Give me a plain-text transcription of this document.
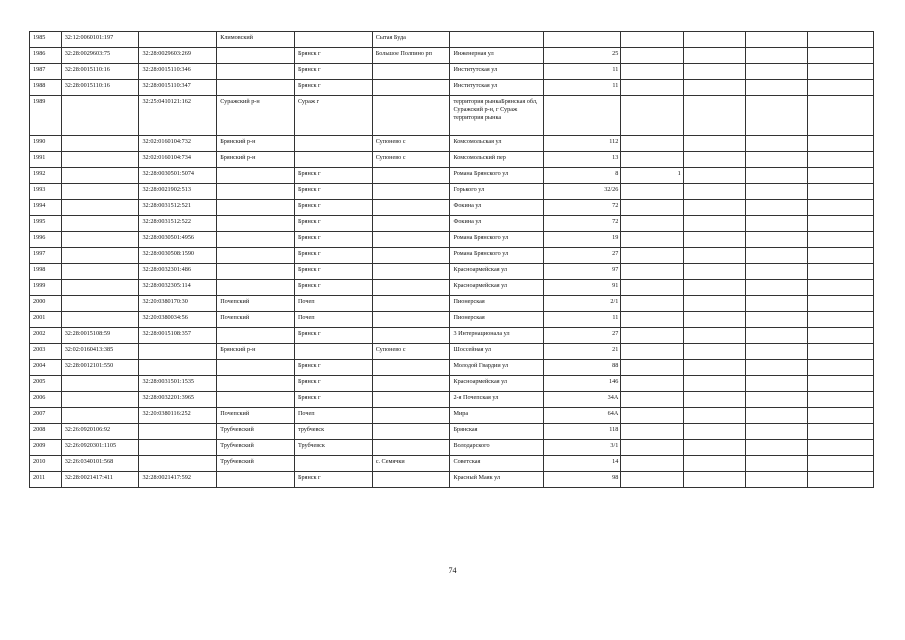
1985	32:12:0060101:197		Климовский		Сытая Буда						
1986	32:28:0029603:75	32:28:0029603:269		Брянск г	Большое Полпино рп	Инженерная ул	25				
1987	32:28:0015110:16	32:28:0015110:346		Брянск г		Институтская ул	11				
1988	32:28:0015110:16	32:28:0015110:347		Брянск г		Институтская ул	11				
1989		32:25:0410121:162	Суражский р-н	Сураж г		территория рынкаБрянская обл, Суражский р-н, г Сураж территория рынка					
1990		32:02:0160104:732	Брянский р-н		Супонево с	Комсомольская ул	112				
1991		32:02:0160104:734	Брянский р-н		Супонево с	Комсомольский пер	13				
1992		32:28:0030501:5074		Брянск г		Романа Брянского ул	8	1			
1993		32:28:0021902:513		Брянск г		Горького ул	32/26				
1994		32:28:0031512:521		Брянск г		Фокина ул	72				
1995		32:28:0031512:522		Брянск г		Фокина ул	72				
1996		32:28:0030501:4956		Брянск г		Романа Брянского ул	19				
1997		32:28:0030508:1590		Брянск г		Романа Брянского ул	27				
1998		32:28:0032301:486		Брянск г		Красноармейская ул	97				
1999		32:28:0032305:114		Брянск г		Красноармейская ул	91				
2000		32:20:0380170:30	Почепский	Почеп		Пионерская	2/1				
2001		32:20:0380034:56	Почепский	Почеп		Пионерская	11				
2002	32:28:0015108:59	32:28:0015108:357		Брянск г		3 Интернационала ул	27				
2003	32:02:0160413:385		Брянский р-н		Супонево с	Шоссейная ул	21				
2004	32:28:0012101:550			Брянск г		Молодой Гвардии ул	88				
2005		32:28:0031501:1535		Брянск г		Красноармейская ул	146				
2006		32:28:0032201:3965		Брянск г		2-я Почепская ул	34А				
2007		32:20:0380116:252	Почепский	Почеп		Мира	64А				
2008	32:26:0920106:92		Трубчевский	трубчевск		Брянская	118				
2009	32:26:0920301:1105		Трубчевский	Трубчевск		Володарского	3/1				
2010	32:26:0340101:568		Трубчевский		с. Семячки	Советская	14				
2011	32:28:0021417:411	32:28:0021417:592		Брянск г		Красный Маяк ул	98				
74
